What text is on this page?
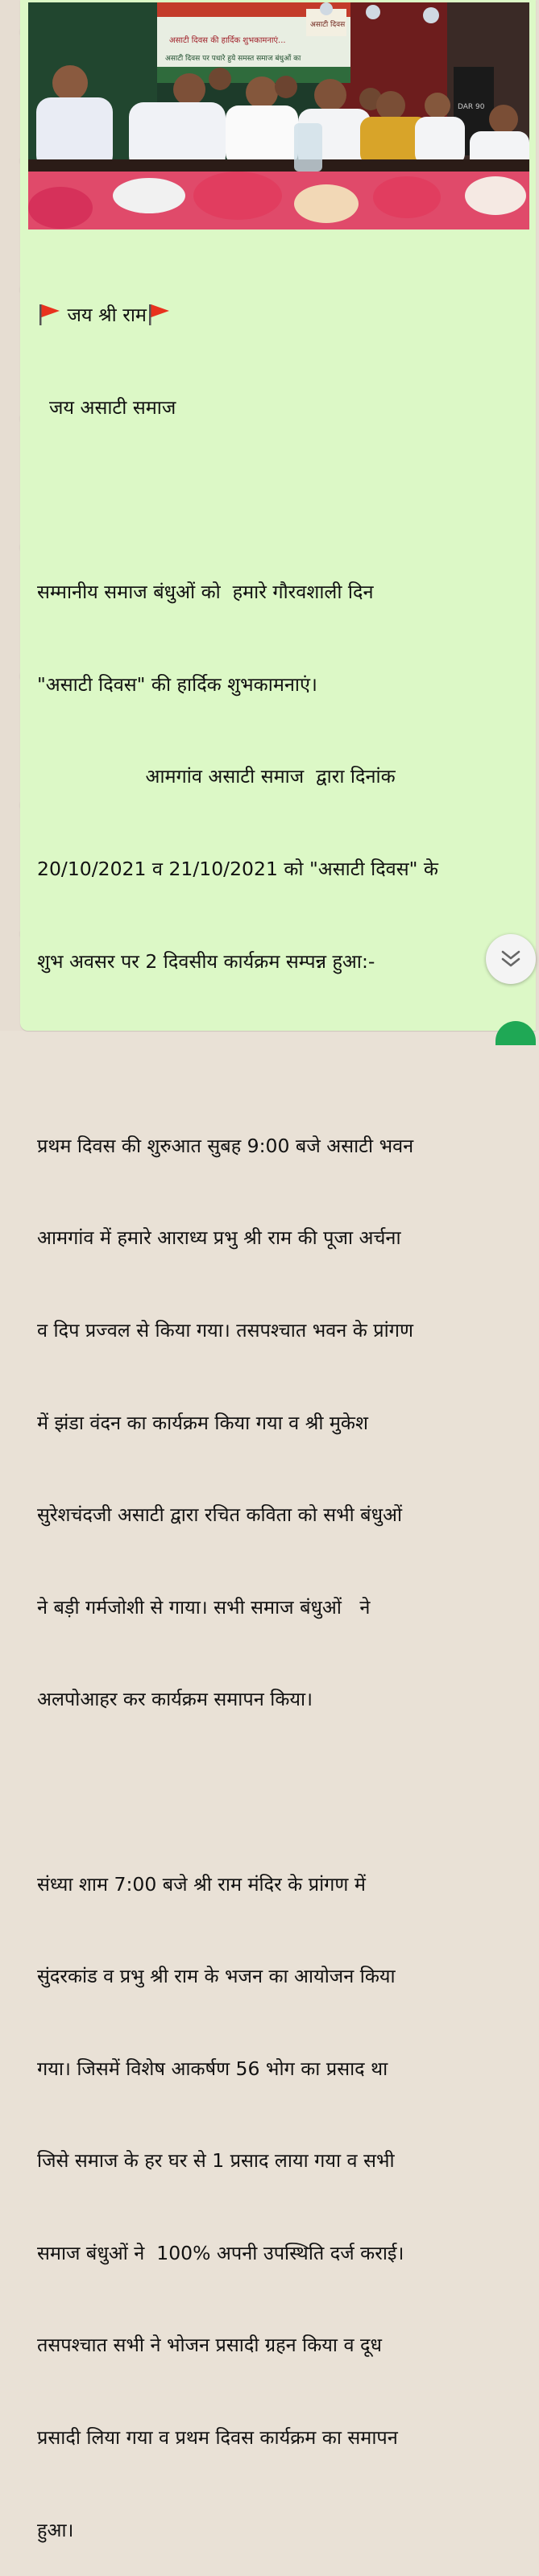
असाटी दिवस की हार्दिक शुभकामनाएं...
असाटी दिवस पर पधारे हुये समस्त समाज बंधुओं का
असाटी दिवस
DAR 90

जय श्री राम

जय असाटी समाज

सम्मानीय समाज बंधुओं को  हमारे गौरवशाली दिन

"असाटी दिवस" की हार्दिक शुभकामनाएं।

आमगांव असाटी समाज  द्वारा दिनांक

20/10/2021 व 21/10/2021 को "असाटी दिवस" के

शुभ अवसर पर 2 दिवसीय कार्यक्रम सम्पन्न हुआ:-

प्रथम दिवस की शुरुआत सुबह 9:00 बजे असाटी भवन

आमगांव में हमारे आराध्य प्रभु श्री राम की पूजा अर्चना

व दिप प्रज्वल से किया गया। तसपश्चात भवन के प्रांगण

में झंडा वंदन का कार्यक्रम किया गया व श्री मुकेश

सुरेशचंदजी असाटी द्वारा रचित कविता को सभी बंधुओं

ने बड़ी गर्मजोशी से गाया। सभी समाज बंधुओं   ने

अलपोआहर कर कार्यक्रम समापन किया।

संध्या शाम 7:00 बजे श्री राम मंदिर के प्रांगण में

सुंदरकांड व प्रभु श्री राम के भजन का आयोजन किया

गया। जिसमें विशेष आकर्षण 56 भोग का प्रसाद था

जिसे समाज के हर घर से 1 प्रसाद लाया गया व सभी

समाज बंधुओं ने  100% अपनी उपस्थिति दर्ज कराई।

तसपश्चात सभी ने भोजन प्रसादी ग्रहन किया व दूध

प्रसादी लिया गया व प्रथम दिवस कार्यक्रम का समापन

हुआ।
